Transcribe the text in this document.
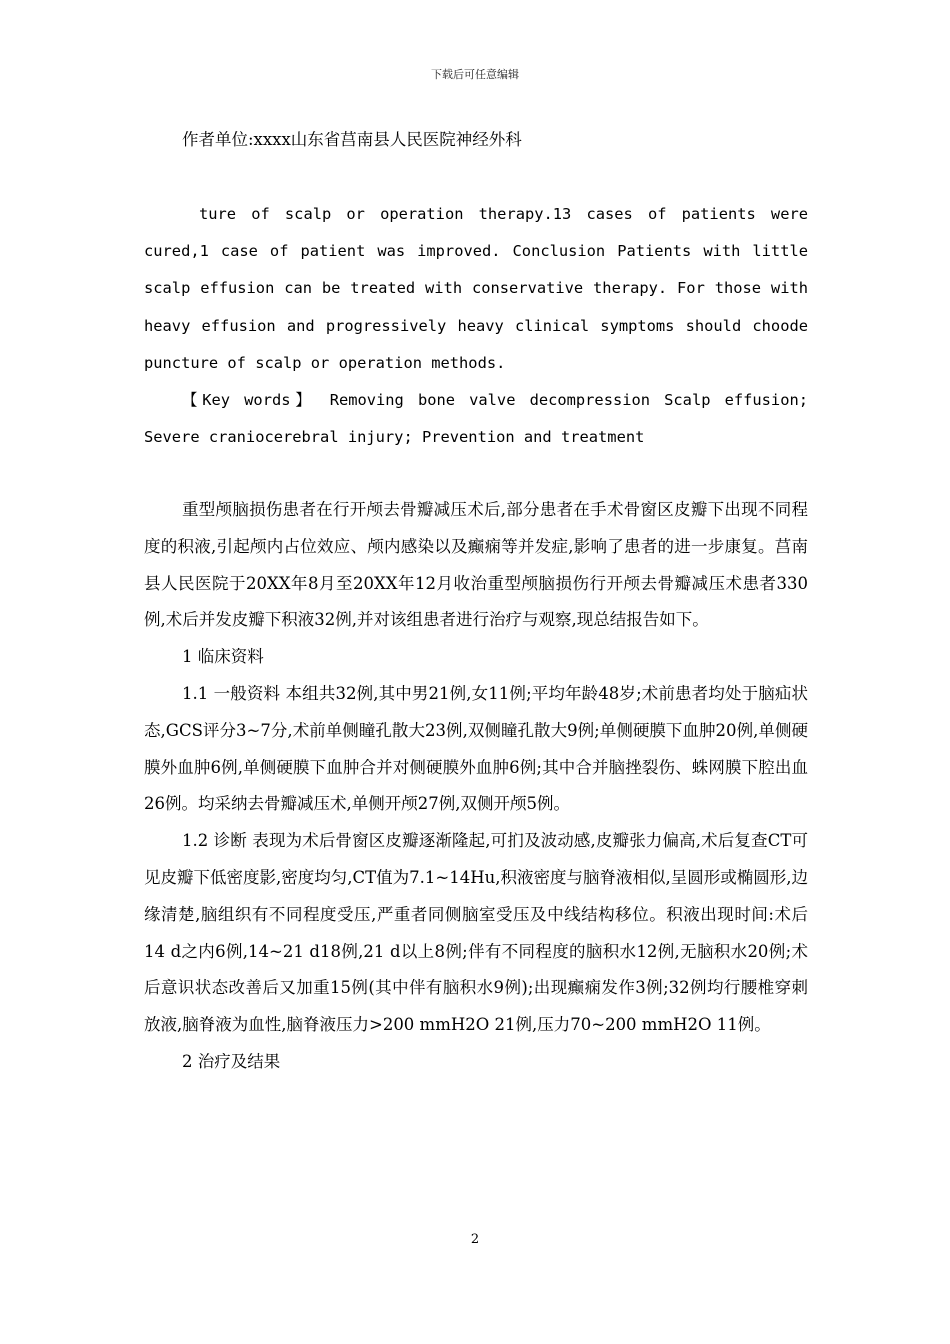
下载后可任意编辑
作者单位:xxxx山东省莒南县人民医院神经外科

ture of scalp or operation therapy.13 cases of patients were cured,1 case of patient was improved. Conclusion Patients with little scalp effusion can be treated with conservative therapy. For those with heavy effusion and progressively heavy clinical symptoms should choode puncture of scalp or operation methods.

【Key words】 Removing bone valve decompression Scalp effusion; Severe craniocerebral injury; Prevention and treatment

重型颅脑损伤患者在行开颅去骨瓣减压术后,部分患者在手术骨窗区皮瓣下出现不同程度的积液,引起颅内占位效应、颅内感染以及癫痫等并发症,影响了患者的进一步康复。莒南县人民医院于20XX年8月至20XX年12月收治重型颅脑损伤行开颅去骨瓣减压术患者330例,术后并发皮瓣下积液32例,并对该组患者进行治疗与观察,现总结报告如下。

1 临床资料

1.1 一般资料 本组共32例,其中男21例,女11例;平均年龄48岁;术前患者均处于脑疝状态,GCS评分3~7分,术前单侧瞳孔散大23例,双侧瞳孔散大9例;单侧硬膜下血肿20例,单侧硬膜外血肿6例,单侧硬膜下血肿合并对侧硬膜外血肿6例;其中合并脑挫裂伤、蛛网膜下腔出血26例。均采纳去骨瓣减压术,单侧开颅27例,双侧开颅5例。

1.2 诊断 表现为术后骨窗区皮瓣逐渐隆起,可扪及波动感,皮瓣张力偏高,术后复查CT可见皮瓣下低密度影,密度均匀,CT值为7.1~14Hu,积液密度与脑脊液相似,呈圆形或椭圆形,边缘清楚,脑组织有不同程度受压,严重者同侧脑室受压及中线结构移位。积液出现时间:术后14 d之内6例,14~21 d18例,21 d以上8例;伴有不同程度的脑积水12例,无脑积水20例;术后意识状态改善后又加重15例(其中伴有脑积水9例);出现癫痫发作3例;32例均行腰椎穿刺放液,脑脊液为血性,脑脊液压力>200 mmH2O 21例,压力70~200 mmH2O 11例。

2 治疗及结果

2
